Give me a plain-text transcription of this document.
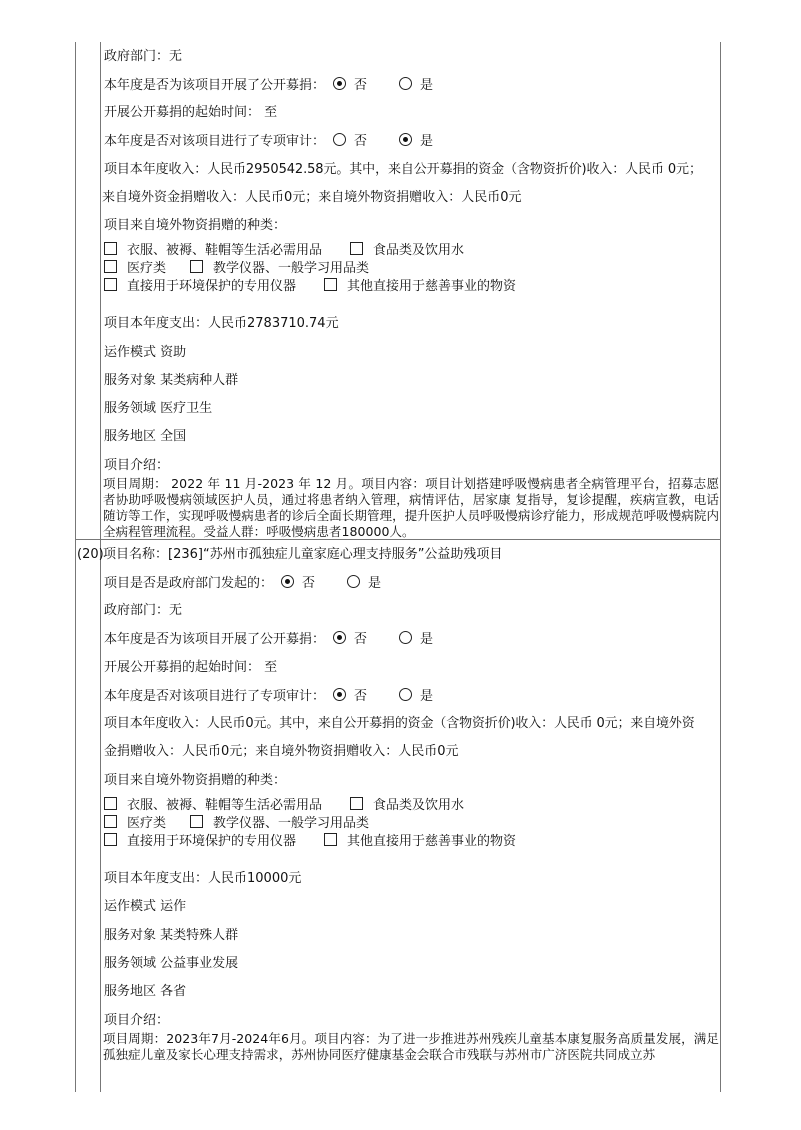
政府部门：无
本年度是否为该项目开展了公开募捐： 否	是
开展公开募捐的起始时间： 至
本年度是否对该项目进行了专项审计： 否	是
项目本年度收入：人民币2950542.58元。其中，来自公开募捐的资金（含物资折价)收入：人民币 0元；
来自境外资金捐赠收入：人民币0元；来自境外物资捐赠收入：人民币0元
项目来自境外物资捐赠的种类：
衣服、被褥、鞋帽等生活必需用品	食品类及饮用水
医疗类	教学仪器、一般学习用品类
直接用于环境保护的专用仪器	其他直接用于慈善事业的物资
项目本年度支出：人民币2783710.74元
运作模式 资助
服务对象 某类病种人群
服务领域 医疗卫生
服务地区 全国
项目介绍：
项目周期： 2022 年 11 月-2023 年 12 月。项目内容：项目计划搭建呼吸慢病患者全病管理平台，招募志愿者协助呼吸慢病领域医护人员，通过将患者纳入管理，病情评估，居家康 复指导，复诊提醒，疾病宣教，电话随访等工作，实现呼吸慢病患者的诊后全面长期管理，提升医护人员呼吸慢病诊疗能力，形成规范呼吸慢病院内全病程管理流程。受益人群：呼吸慢病患者180000人。
(20) 项目名称：[236]“苏州市孤独症儿童家庭心理支持服务”公益助残项目
项目是否是政府部门发起的： 否	是
政府部门：无
本年度是否为该项目开展了公开募捐： 否	是
开展公开募捐的起始时间： 至
本年度是否对该项目进行了专项审计： 否	是
项目本年度收入：人民币0元。其中，来自公开募捐的资金（含物资折价)收入：人民币 0元；来自境外资
金捐赠收入：人民币0元；来自境外物资捐赠收入：人民币0元
项目来自境外物资捐赠的种类：
衣服、被褥、鞋帽等生活必需用品	食品类及饮用水
医疗类	教学仪器、一般学习用品类
直接用于环境保护的专用仪器	其他直接用于慈善事业的物资
项目本年度支出：人民币10000元
运作模式 运作
服务对象 某类特殊人群
服务领域 公益事业发展
服务地区 各省
项目介绍：
项目周期：2023年7月-2024年6月。项目内容：为了进一步推进苏州残疾儿童基本康复服务高质量发展，满足孤独症儿童及家长心理支持需求，苏州协同医疗健康基金会联合市残联与苏州市广济医院共同成立苏
